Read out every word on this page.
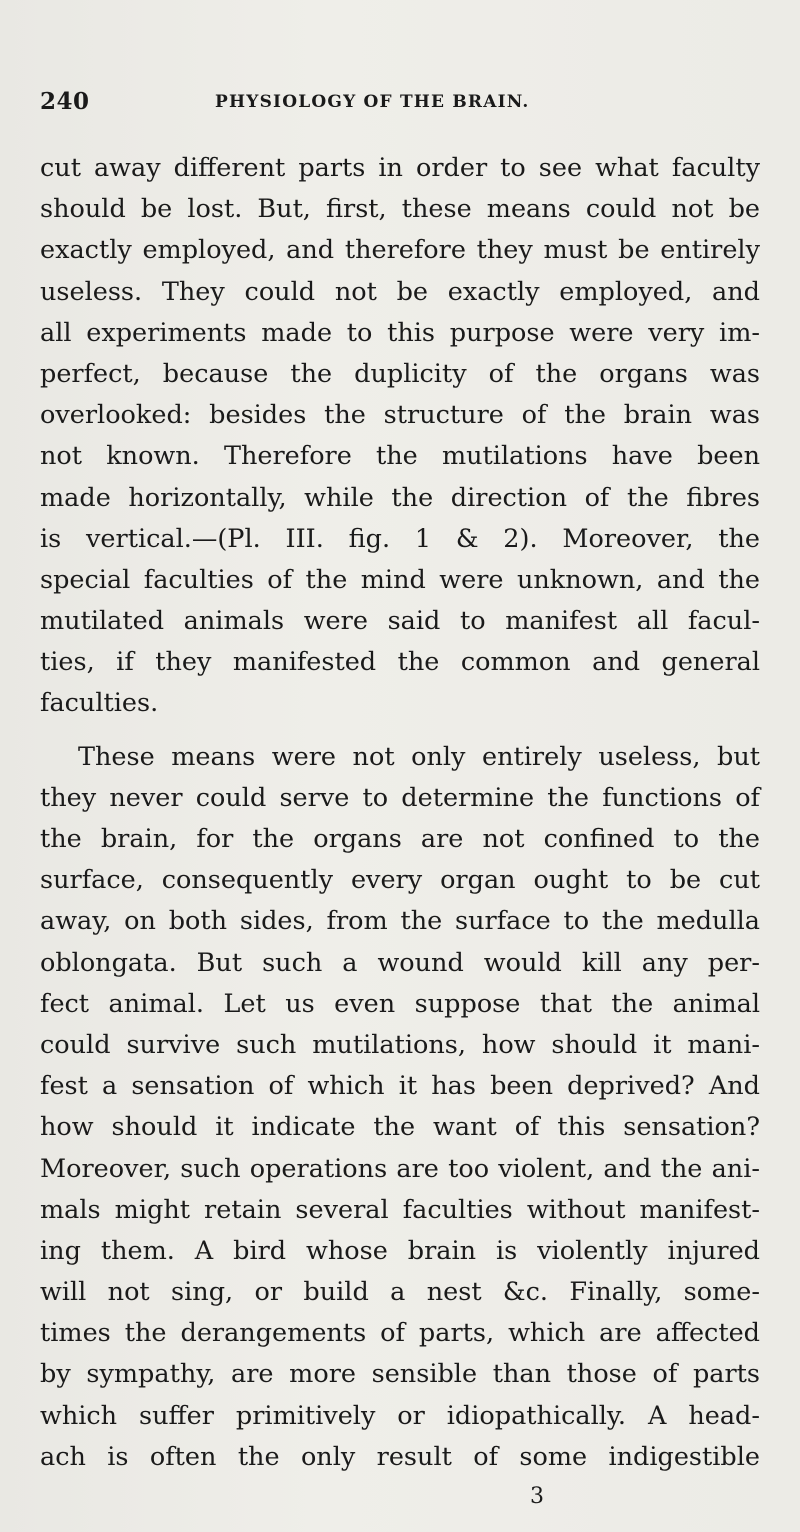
240	PHYSIOLOGY OF THE BRAIN.
cut away different parts in order to see what faculty
should be lost. But, first, these means could not be
exactly employed, and therefore they must be entirely
useless. They could not be exactly employed, and
all experiments made to this purpose were very im-
perfect, because the duplicity of the organs was
overlooked: besides the structure of the brain was
not known. Therefore the mutilations have been
made horizontally, while the direction of the fibres
is vertical.—(Pl. III. fig. 1 & 2). Moreover, the
special faculties of the mind were unknown, and the
mutilated animals were said to manifest all facul-
ties, if they manifested the common and general
faculties.
These means were not only entirely useless, but
they never could serve to determine the functions of
the brain, for the organs are not confined to the
surface, consequently every organ ought to be cut
away, on both sides, from the surface to the medulla
oblongata. But such a wound would kill any per-
fect animal. Let us even suppose that the animal
could survive such mutilations, how should it mani-
fest a sensation of which it has been deprived? And
how should it indicate the want of this sensation?
Moreover, such operations are too violent, and the ani-
mals might retain several faculties without manifest-
ing them. A bird whose brain is violently injured
will not sing, or build a nest &c. Finally, some-
times the derangements of parts, which are affected
by sympathy, are more sensible than those of parts
which suffer primitively or idiopathically. A head-
ach is often the only result of some indigestible
3
